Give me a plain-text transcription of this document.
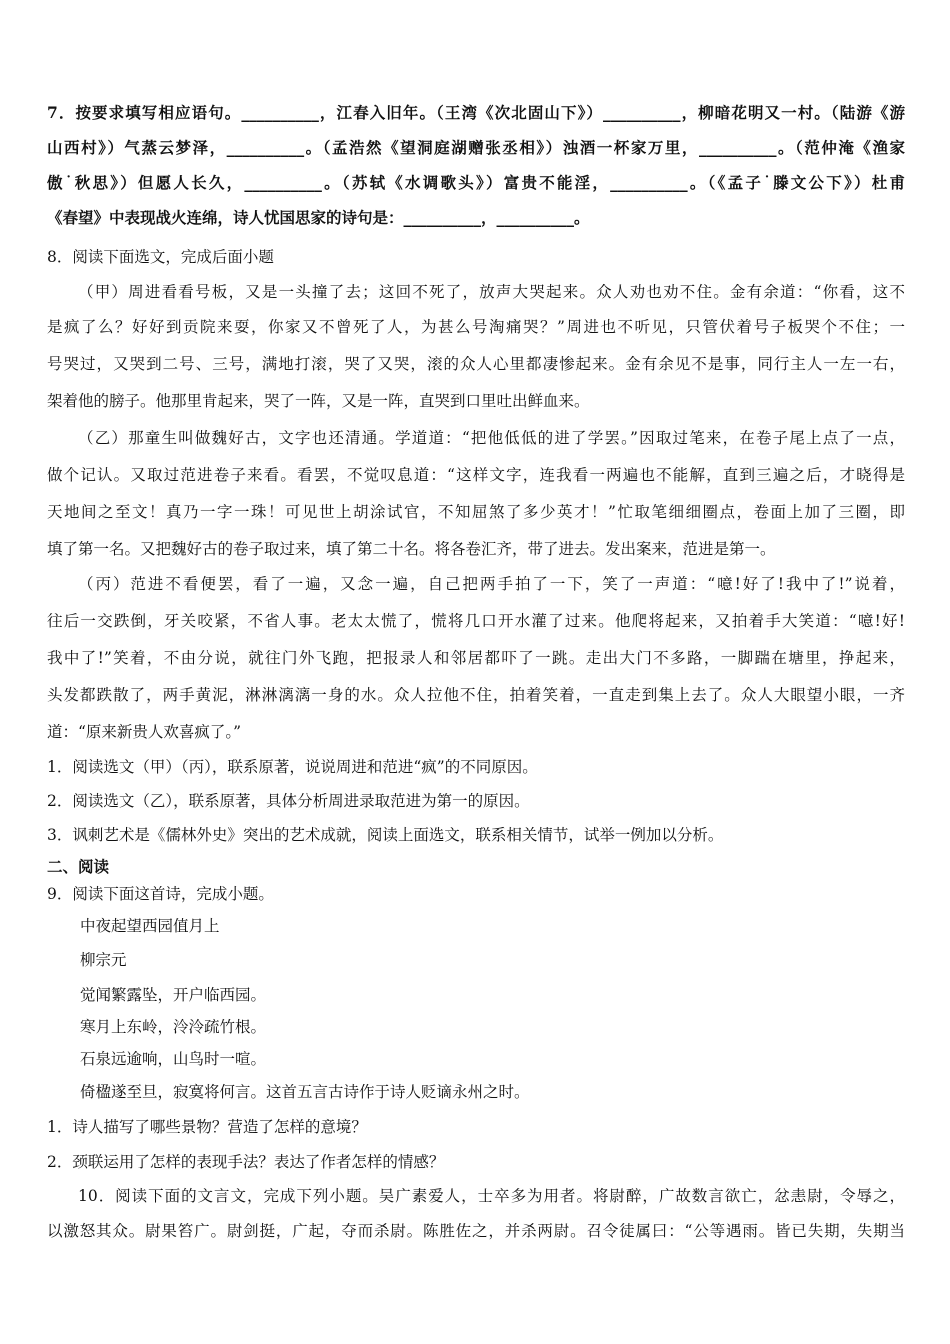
7．按要求填写相应语句。__________，江春入旧年。（王湾《次北固山下》）__________，柳暗花明又一村。（陆游《游
山西村》）气蒸云梦泽，__________。（孟浩然《望洞庭湖赠张丞相》）浊酒一杯家万里，__________。（范仲淹《渔家
傲˙秋思》）但愿人长久，__________。（苏轼《水调歌头》）富贵不能淫，__________。（《孟子˙滕文公下》）杜甫
《春望》中表现战火连绵，诗人忧国思家的诗句是：__________，__________。
8．阅读下面选文，完成后面小题
（甲）周进看看号板，又是一头撞了去；这回不死了，放声大哭起来。众人劝也劝不住。金有余道：“你看，这不
是疯了么？好好到贡院来耍，你家又不曾死了人，为甚么号淘痛哭？”周进也不听见，只管伏着号子板哭个不住；一
号哭过，又哭到二号、三号，满地打滚，哭了又哭，滚的众人心里都凄惨起来。金有余见不是事，同行主人一左一右，
架着他的膀子。他那里肯起来，哭了一阵，又是一阵，直哭到口里吐出鲜血来。
（乙）那童生叫做魏好古，文字也还清通。学道道：“把他低低的进了学罢。”因取过笔来，在卷子尾上点了一点，
做个记认。又取过范进卷子来看。看罢，不觉叹息道：“这样文字，连我看一两遍也不能解，直到三遍之后，才晓得是
天地间之至文！真乃一字一珠！可见世上胡涂试官，不知屈煞了多少英才！”忙取笔细细圈点，卷面上加了三圈，即
填了第一名。又把魏好古的卷子取过来，填了第二十名。将各卷汇齐，带了进去。发出案来，范进是第一。
（丙）范进不看便罢，看了一遍，又念一遍，自己把两手拍了一下，笑了一声道：“噫!好了!我中了!”说着，
往后一交跌倒，牙关咬紧，不省人事。老太太慌了，慌将几口开水灌了过来。他爬将起来，又拍着手大笑道：“噫!好!
我中了!”笑着，不由分说，就往门外飞跑，把报录人和邻居都吓了一跳。走出大门不多路，一脚踹在塘里，挣起来，
头发都跌散了，两手黄泥，淋淋漓漓一身的水。众人拉他不住，拍着笑着，一直走到集上去了。众人大眼望小眼，一齐
道：“原来新贵人欢喜疯了。”
1．阅读选文（甲）（丙），联系原著，说说周进和范进“疯”的不同原因。
2．阅读选文（乙），联系原著，具体分析周进录取范进为第一的原因。
3．讽刺艺术是《儒林外史》突出的艺术成就，阅读上面选文，联系相关情节，试举一例加以分析。
二、阅读
9．阅读下面这首诗，完成小题。
中夜起望西园值月上
柳宗元
觉闻繁露坠，开户临西园。
寒月上东岭，泠泠疏竹根。
石泉远逾响，山鸟时一喧。
倚楹遂至旦，寂寞将何言。这首五言古诗作于诗人贬谪永州之时。
1．诗人描写了哪些景物？营造了怎样的意境？
2．颈联运用了怎样的表现手法？表达了作者怎样的情感？
10．阅读下面的文言文，完成下列小题。吴广素爱人，士卒多为用者。将尉醉，广故数言欲亡，忿恚尉，令辱之，
以激怒其众。尉果笞广。尉剑挺，广起，夺而杀尉。陈胜佐之，并杀两尉。召令徒属曰：“公等遇雨。皆已失期，失期当
